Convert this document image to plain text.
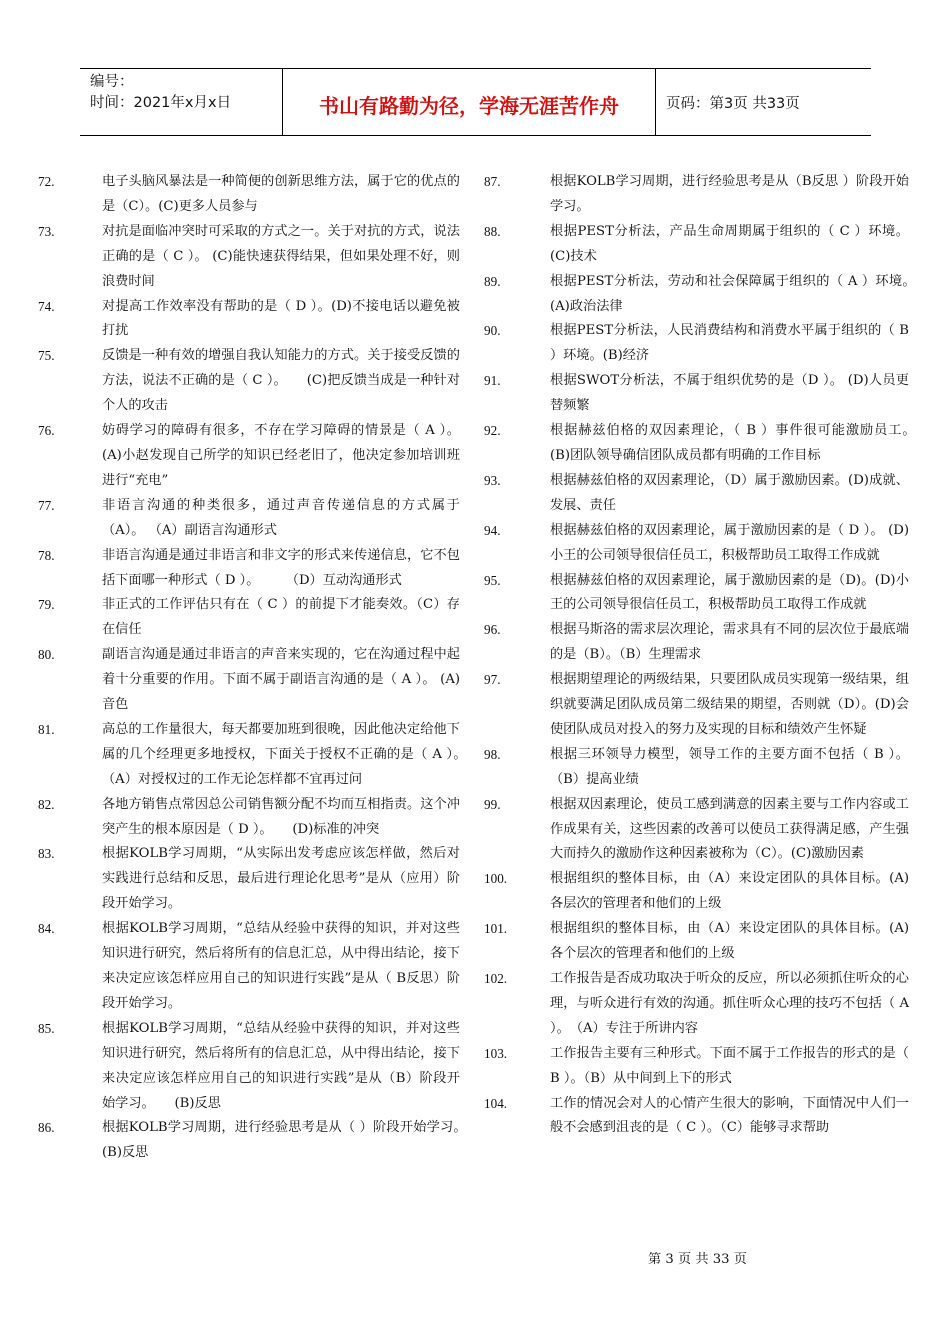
编号：
时间：2021年x月x日	书山有路勤为径，学海无涯苦作舟	页码：第3页 共33页
72.	电子头脑风暴法是一种简便的创新思维方法，属于它的优点的是（C）。(C)更多人员参与
73.	对抗是面临冲突时可采取的方式之一。关于对抗的方式，说法正确的是（ C ）。 (C)能快速获得结果，但如果处理不好，则浪费时间
74.	对提高工作效率没有帮助的是（ D ）。(D)不接电话以避免被打扰
75.	反馈是一种有效的增强自我认知能力的方式。关于接受反馈的方法，说法不正确的是（ C ）。　　(C)把反馈当成是一种针对个人的攻击
76.	妨碍学习的障碍有很多，不存在学习障碍的情景是（ A ）。(A)小赵发现自己所学的知识已经老旧了，他决定参加培训班进行“充电”
77.	非语言沟通的种类很多，通过声音传递信息的方式属于（A）。 （A）副语言沟通形式
78.	非语言沟通是通过非语言和非文字的形式来传递信息，它不包括下面哪一种形式（ D ）。　　　（D）互动沟通形式
79.	非正式的工作评估只有在（ C ）的前提下才能奏效。（C）存在信任
80.	副语言沟通是通过非语言的声音来实现的，它在沟通过程中起着十分重要的作用。下面不属于副语言沟通的是（ A ）。 (A)音色
81.	高总的工作量很大，每天都要加班到很晚，因此他决定给他下属的几个经理更多地授权，下面关于授权不正确的是（ A ）。　　（A）对授权过的工作无论怎样都不宜再过问
82.	各地方销售点常因总公司销售额分配不均而互相指责。这个冲突产生的根本原因是（ D ）。　　(D)标准的冲突
83.	根据KOLB学习周期，“从实际出发考虑应该怎样做，然后对实践进行总结和反思，最后进行理论化思考”是从（应用）阶段开始学习。
84.	根据KOLB学习周期，“总结从经验中获得的知识，并对这些知识进行研究，然后将所有的信息汇总，从中得出结论，接下来决定应该怎样应用自己的知识进行实践”是从（ B反思）阶段开始学习。
85.	根据KOLB学习周期，“总结从经验中获得的知识，并对这些知识进行研究，然后将所有的信息汇总，从中得出结论，接下来决定应该怎样应用自己的知识进行实践”是从（B）阶段开始学习。　　(B)反思
86.	根据KOLB学习周期，进行经验思考是从（ ）阶段开始学习。　　(B)反思
87.	根据KOLB学习周期，进行经验思考是从（B反思 ）阶段开始学习。
88.	根据PEST分析法，产品生命周期属于组织的（ C ）环境。(C)技术
89.	根据PEST分析法，劳动和社会保障属于组织的（ A ）环境。　(A)政治法律
90.	根据PEST分析法，人民消费结构和消费水平属于组织的（ B ）环境。(B)经济
91.	根据SWOT分析法，不属于组织优势的是（D ）。 (D)人员更替频繁
92.	根据赫兹伯格的双因素理论，（ B ）事件很可能激励员工。　(B)团队领导确信团队成员都有明确的工作目标
93.	根据赫兹伯格的双因素理论，（D）属于激励因素。(D)成就、发展、责任
94.	根据赫兹伯格的双因素理论，属于激励因素的是（ D ）。 (D)小王的公司领导很信任员工，积极帮助员工取得工作成就
95.	根据赫兹伯格的双因素理论，属于激励因素的是（D)。(D)小王的公司领导很信任员工，积极帮助员工取得工作成就
96.	根据马斯洛的需求层次理论，需求具有不同的层次位于最底端的是（B）。（B）生理需求
97.	根据期望理论的两级结果，只要团队成员实现第一级结果，组织就要满足团队成员第二级结果的期望，否则就（D）。(D)会使团队成员对投入的努力及实现的目标和绩效产生怀疑
98.	根据三环领导力模型，领导工作的主要方面不包括（ B ）。（B）提高业绩
99.	根据双因素理论，使员工感到满意的因素主要与工作内容或工作成果有关，这些因素的改善可以使员工获得满足感，产生强大而持久的激励作这种因素被称为（C）。(C)激励因素
100.	根据组织的整体目标，由（A）来设定团队的具体目标。(A)各层次的管理者和他们的上级
101.	根据组织的整体目标，由（A）来设定团队的具体目标。(A)各个层次的管理者和他们的上级
102.	工作报告是否成功取决于听众的反应，所以必须抓住听众的心理，与听众进行有效的沟通。抓住听众心理的技巧不包括（ A ）。　（A）专注于所讲内容
103.	工作报告主要有三种形式。下面不属于工作报告的形式的是（ B ）。（B）从中间到上下的形式
104.	工作的情况会对人的心情产生很大的影响，下面情况中人们一般不会感到沮丧的是（ C ）。（C）能够寻求帮助
第 3 页 共 33 页
